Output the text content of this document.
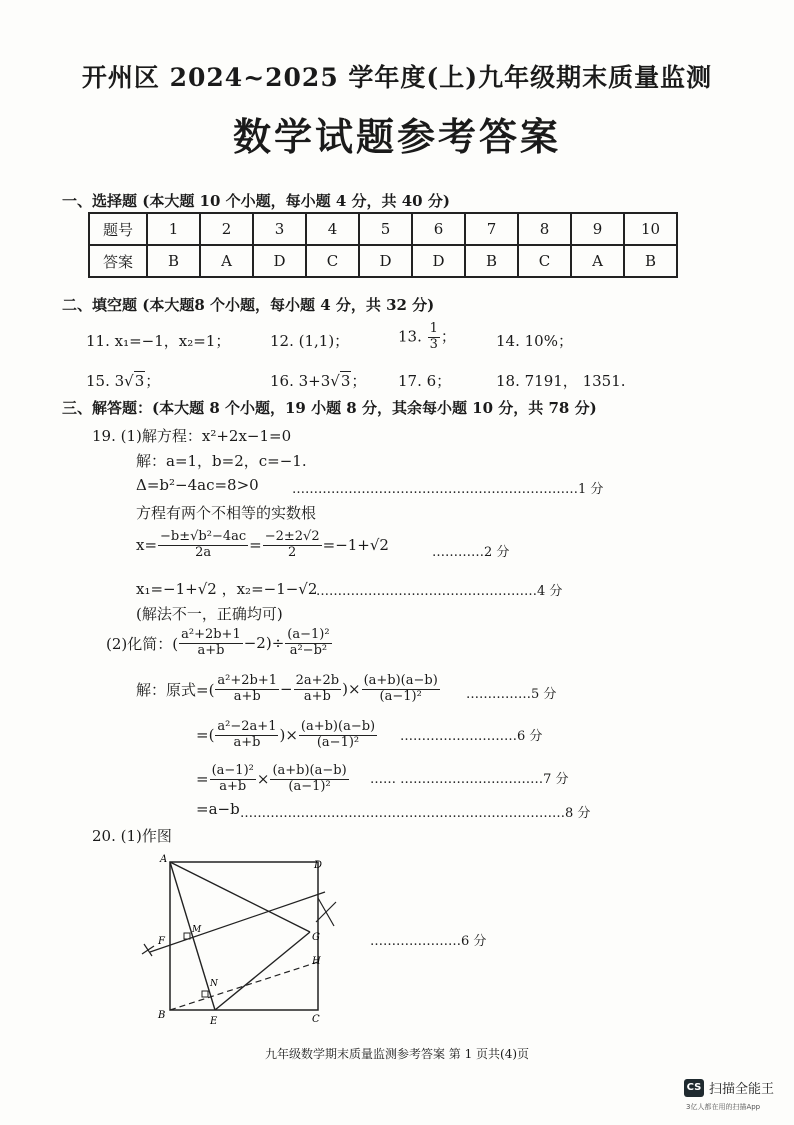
开州区 2024~2025 学年度(上)九年级期末质量监测
数学试题参考答案
一、选择题 (本大题 10 个小题，每小题 4 分，共 40 分)
题号	1	2	3	4	5	6	7	8	9	10
答案	B	A	D	C	D	D	B	C	A	B
二、填空题 (本大题8 个小题，每小题 4 分，共 32 分)
11. x₁=−1，x₂=1；	12. (1,1)；	13. $\frac{1}{3}$ ；	14. 10%；
15. 3√3；	16. 3+3√3； 17. 6；	18. 7191， 1351.
三、解答题：(本大题 8 个小题，19 小题 8 分，其余每小题 10 分，共 78 分)
19. (1)解方程：x²+2x−1=0
解：a=1，b=2，c=−1.
Δ=b²−4ac=8>0	…………………………………………………………1 分
方程有两个不相等的实数根
$x= \frac{\text{−b±√b²−4ac}}{2a} = \frac{-2\pm 2√2}{2} =-1+√2$	…………2 分
x₁=−1+√2 ，x₂=−1−√2
……………………………………………4 分
(解法不一，正确均可)
(2)化简：( $\frac{\text{a²+2b+1}}{a+b} -2)\div \frac{\text{(a−1)²}}{\text{a²−b²}}$
解：原式=( $\frac{\text{a²+2b+1}}{a+b} - \frac{2a+2b}{a+b}$ )× $\frac{(a+b)(a-b)}{\text{(a−1)²}}$ ……………5 分
=( $\frac{\text{a²−2a+1}}{a+b}$ )× $\frac{(a+b)(a-b)}{\text{(a−1)²}}$ ………………………6 分
= $\frac{\text{(a−1)²}}{a+b} \times \frac{(a+b)(a-b)}{\text{(a−1)²}}$ …… ……………………………7 分
=a−b …………………………………………………………………8 分
20. (1)作图
A
D
G
M
F
H
N
B
E	C
…………………6 分
九年级数学期末质量监测参考答案 第 1 页共(4)页
CS 扫描全能王
3亿人都在用的扫描App
